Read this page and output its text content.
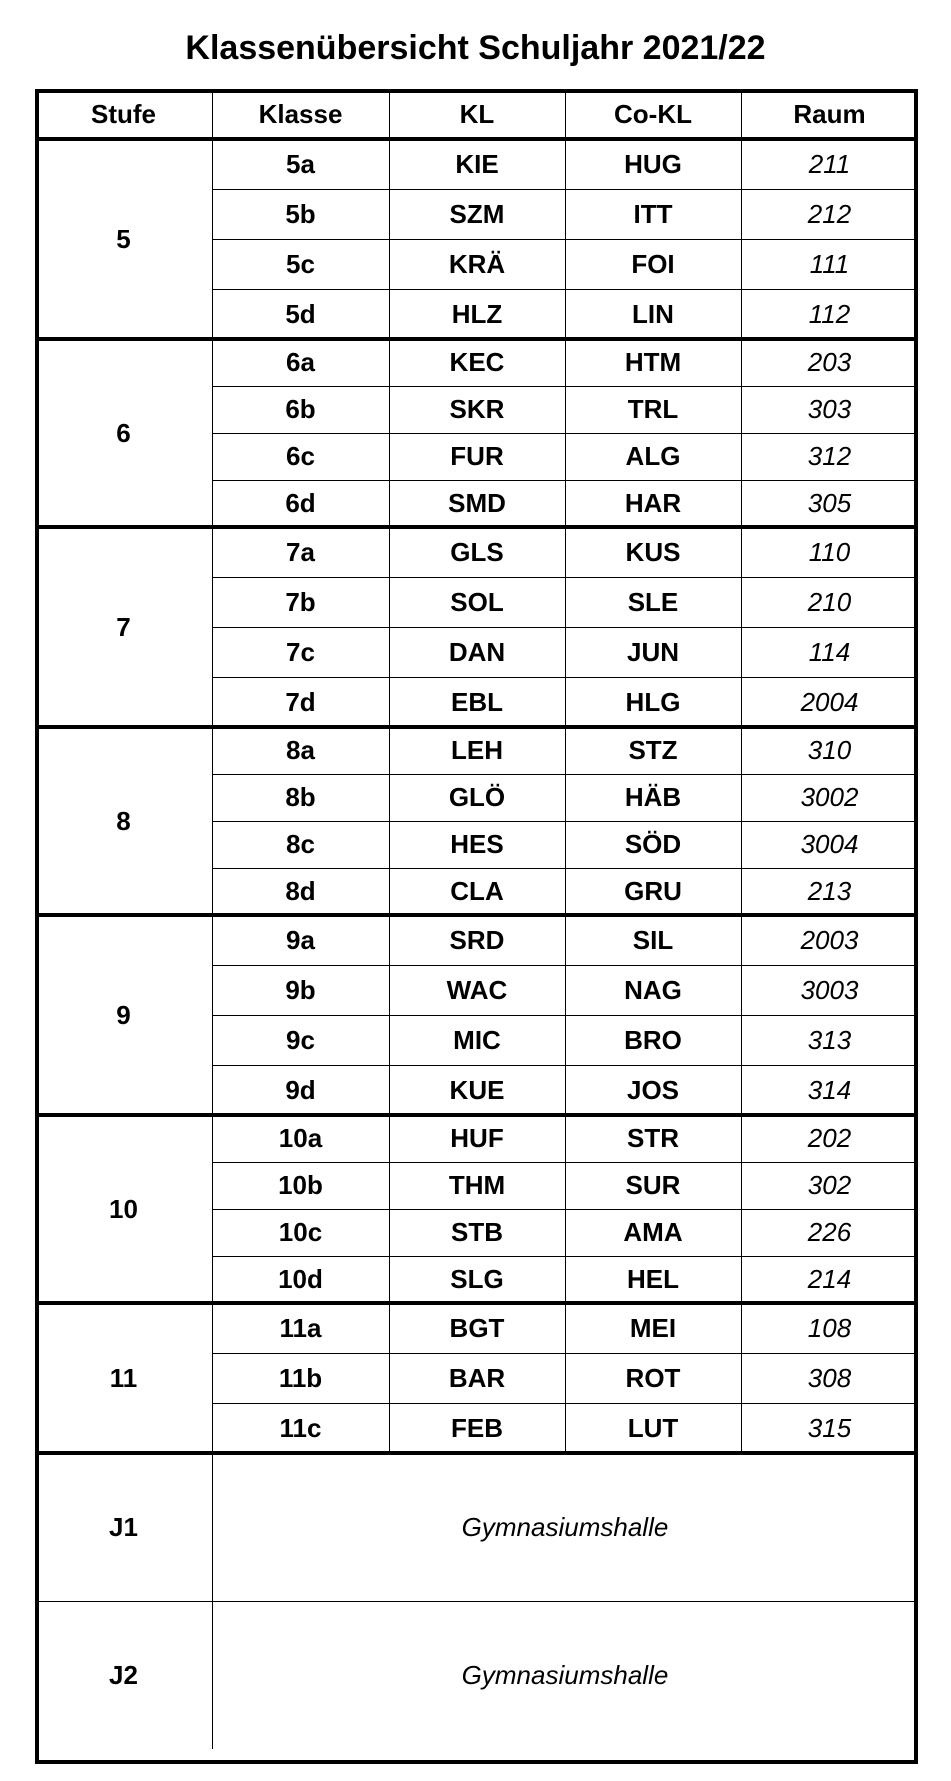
Klassenübersicht Schuljahr 2021/22
Stufe	Klasse	KL	Co-KL	Raum
5
5a	KIE	HUG	211
5b	SZM	ITT	212
5c	KRÄ	FOI	111
5d	HLZ	LIN	112
6
6a	KEC	HTM	203
6b	SKR	TRL	303
6c	FUR	ALG	312
6d	SMD	HAR	305
7
7a	GLS	KUS	110
7b	SOL	SLE	210
7c	DAN	JUN	114
7d	EBL	HLG	2004
8
8a	LEH	STZ	310
8b	GLÖ	HÄB	3002
8c	HES	SÖD	3004
8d	CLA	GRU	213
9
9a	SRD	SIL	2003
9b	WAC	NAG	3003
9c	MIC	BRO	313
9d	KUE	JOS	314
10
10a	HUF	STR	202
10b	THM	SUR	302
10c	STB	AMA	226
10d	SLG	HEL	214
11
11a	BGT	MEI	108
11b	BAR	ROT	308
11c	FEB	LUT	315
J1	Gymnasiumshalle
J2	Gymnasiumshalle
